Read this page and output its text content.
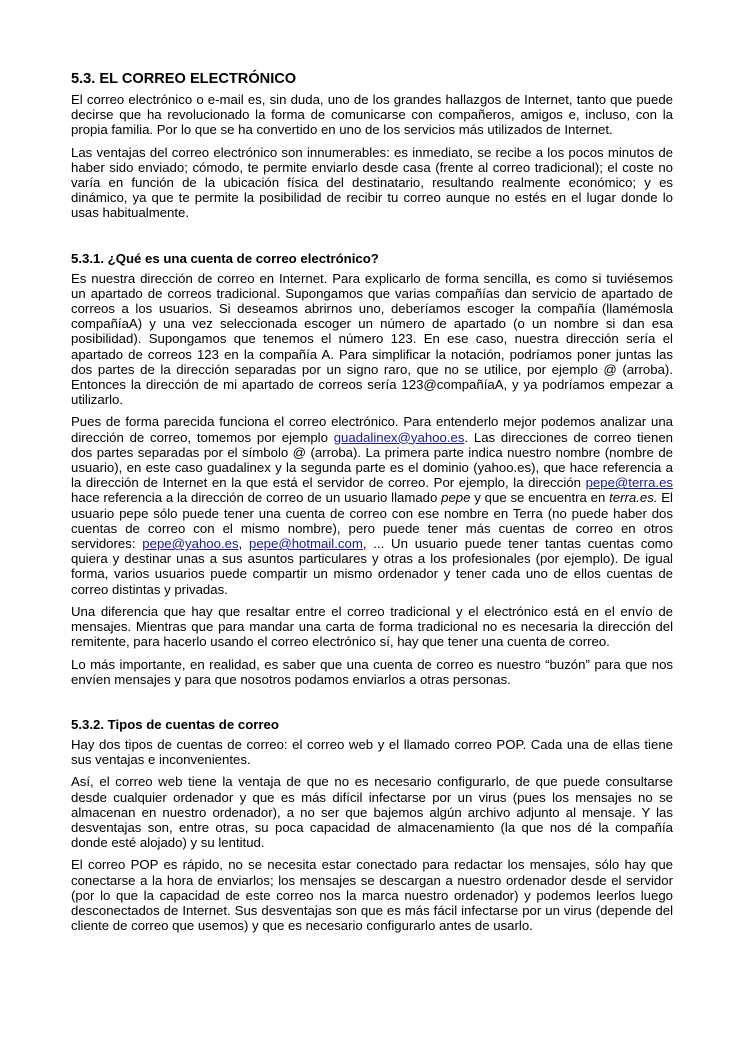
5.3. EL CORREO ELECTRÓNICO

El correo electrónico o e-mail es, sin duda, uno de los grandes hallazgos de Internet, tanto que puede decirse que ha revolucionado la forma de comunicarse con compañeros, amigos e, incluso, con la propia familia. Por lo que se ha convertido en uno de los servicios más utilizados de Internet.

Las ventajas del correo electrónico son innumerables: es inmediato, se recibe a los pocos minutos de haber sido enviado; cómodo, te permite enviarlo desde casa (frente al correo tradicional); el coste no varía en función de la ubicación física del destinatario, resultando realmente económico; y es dinámico, ya que te permite la posibilidad de recibir tu correo aunque no estés en el lugar donde lo usas habitualmente.

5.3.1. ¿Qué es una cuenta de correo electrónico?

Es nuestra dirección de correo en Internet. Para explicarlo de forma sencilla, es como si tuviésemos un apartado de correos tradicional. Supongamos que varias compañías dan servicio de apartado de correos a los usuarios. Si deseamos abrirnos uno, deberíamos escoger la compañía (llamémosla compañíaA) y una vez seleccionada escoger un número de apartado (o un nombre si dan esa posibilidad). Supongamos que tenemos el número 123. En ese caso, nuestra dirección sería el apartado de correos 123 en la compañía A. Para simplificar la notación, podríamos poner juntas las dos partes de la dirección separadas por un signo raro, que no se utilice, por ejemplo @ (arroba). Entonces la dirección de mi apartado de correos sería 123@compañíaA, y ya podríamos empezar a utilizarlo.

Pues de forma parecida funciona el correo electrónico. Para entenderlo mejor podemos analizar una dirección de correo, tomemos por ejemplo guadalinex@yahoo.es. Las direcciones de correo tienen dos partes separadas por el símbolo @ (arroba). La primera parte indica nuestro nombre (nombre de usuario), en este caso guadalinex y la segunda parte es el dominio (yahoo.es), que hace referencia a la dirección de Internet en la que está el servidor de correo. Por ejemplo, la dirección pepe@terra.es hace referencia a la dirección de correo de un usuario llamado pepe y que se encuentra en terra.es. El usuario pepe sólo puede tener una cuenta de correo con ese nombre en Terra (no puede haber dos cuentas de correo con el mismo nombre), pero puede tener más cuentas de correo en otros servidores: pepe@yahoo.es, pepe@hotmail.com, ... Un usuario puede tener tantas cuentas como quiera y destinar unas a sus asuntos particulares y otras a los profesionales (por ejemplo). De igual forma, varios usuarios puede compartir un mismo ordenador y tener cada uno de ellos cuentas de correo distintas y privadas.

Una diferencia que hay que resaltar entre el correo tradicional y el electrónico está en el envío de mensajes. Mientras que para mandar una carta de forma tradicional no es necesaria la dirección del remitente, para hacerlo usando el correo electrónico sí, hay que tener una cuenta de correo.

Lo más importante, en realidad, es saber que una cuenta de correo es nuestro “buzón” para que nos envíen mensajes y para que nosotros podamos enviarlos a otras personas.

5.3.2. Tipos de cuentas de correo

Hay dos tipos de cuentas de correo: el correo web y el llamado correo POP. Cada una de ellas tiene sus ventajas e inconvenientes.

Así, el correo web tiene la ventaja de que no es necesario configurarlo, de que puede consultarse desde cualquier ordenador y que es más difícil infectarse por un virus (pues los mensajes no se almacenan en nuestro ordenador), a no ser que bajemos algún archivo adjunto al mensaje. Y las desventajas son, entre otras, su poca capacidad de almacenamiento (la que nos dé la compañía donde esté alojado) y su lentitud.

El correo POP es rápido, no se necesita estar conectado para redactar los mensajes, sólo hay que conectarse a la hora de enviarlos; los mensajes se descargan a nuestro ordenador desde el servidor (por lo que la capacidad de este correo nos la marca nuestro ordenador) y podemos leerlos luego desconectados de Internet. Sus desventajas son que es más fácil infectarse por un virus (depende del cliente de correo que usemos) y que es necesario configurarlo antes de usarlo.
